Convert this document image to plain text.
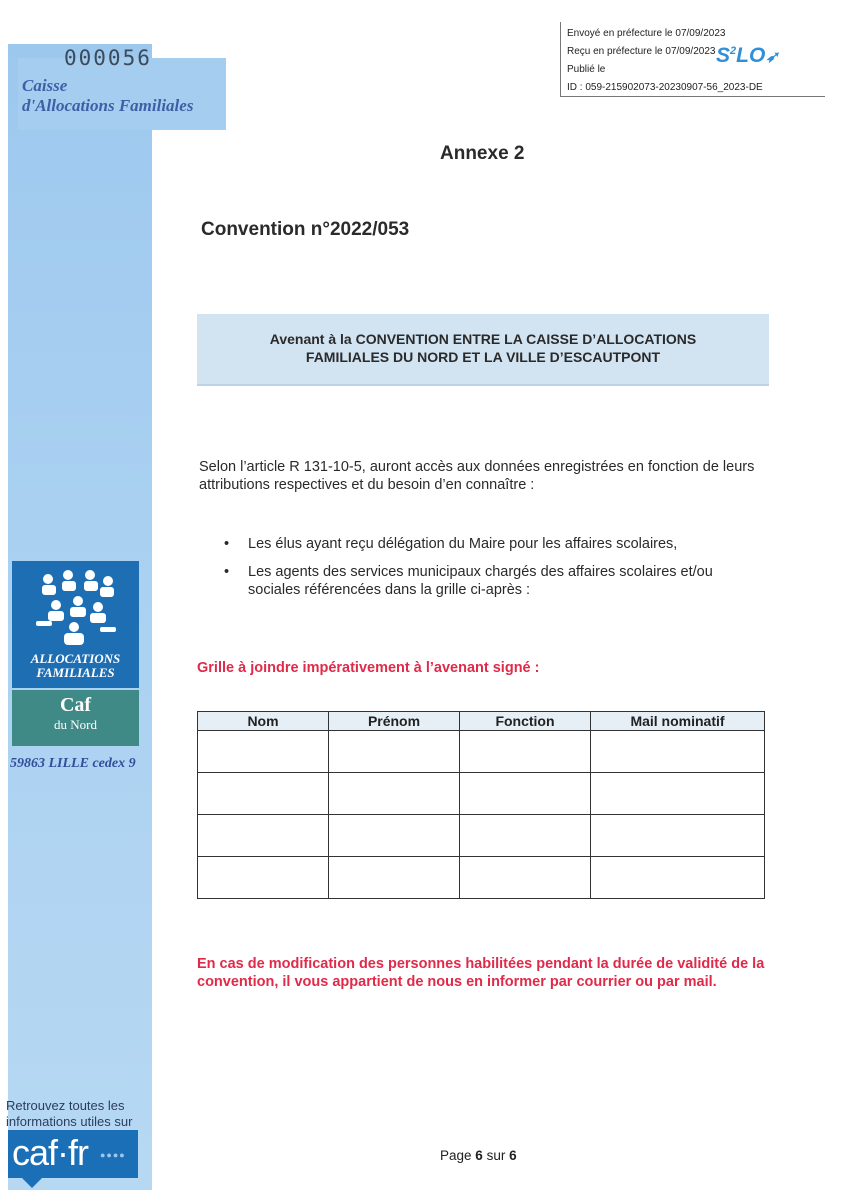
000056
Caisse
d'Allocations Familiales
ALLOCATIONS
FAMILIALES
Caf
du Nord
59863 LILLE cedex 9
Retrouvez toutes les
informations utiles sur
caf·fr ●●●●
Envoyé en préfecture le 07/09/2023
Reçu en préfecture le 07/09/2023
Publié le
ID : 059-215902073-20230907-56_2023-DE
$S^2LO➶$
Annexe 2
Convention n°2022/053
Avenant à la CONVENTION ENTRE LA CAISSE D’ALLOCATIONS
FAMILIALES DU NORD ET LA VILLE D’ESCAUTPONT
Selon l’article R 131-10-5, auront accès aux données enregistrées en fonction de leurs attributions respectives et du besoin d’en connaître :
• Les élus ayant reçu délégation du Maire pour les affaires scolaires,
• Les agents des services municipaux chargés des affaires scolaires et/ou sociales référencées dans la grille ci-après :
Grille à joindre impérativement à l’avenant signé :
Nom	Prénom	Fonction	Mail nominatif

En cas de modification des personnes habilitées pendant la durée de validité de la convention, il vous appartient de nous en informer par courrier ou par mail.
Page 6 sur 6
